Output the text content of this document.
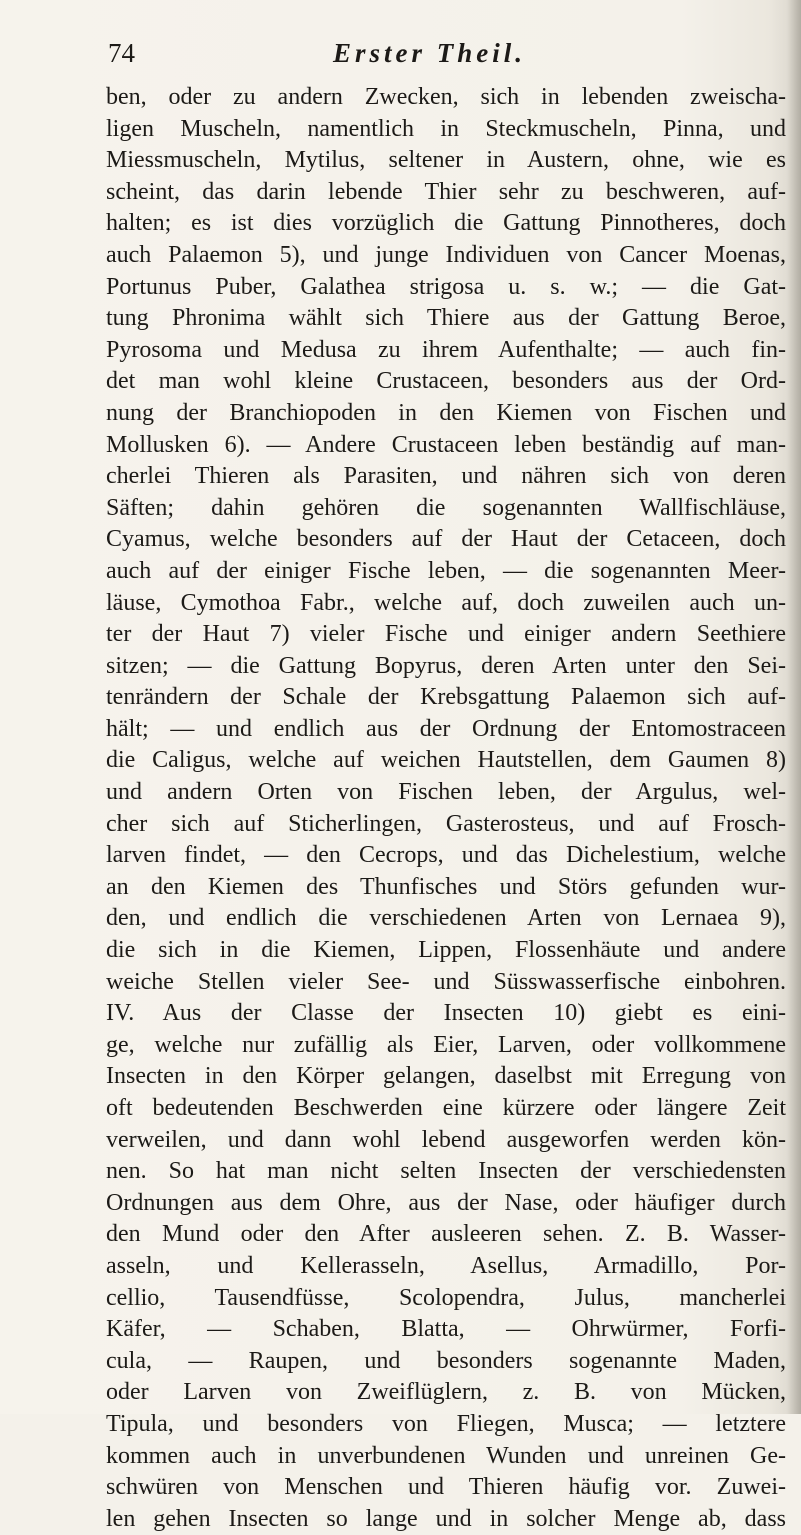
74	Erster Theil.
ben, oder zu andern Zwecken, sich in lebenden zweischa-
ligen Muscheln, namentlich in Steckmuscheln, Pinna, und
Miessmuscheln, Mytilus, seltener in Austern, ohne, wie es
scheint, das darin lebende Thier sehr zu beschweren, auf-
halten; es ist dies vorzüglich die Gattung Pinnotheres, doch
auch Palaemon 5), und junge Individuen von Cancer Moenas,
Portunus Puber, Galathea strigosa u. s. w.; — die Gat-
tung Phronima wählt sich Thiere aus der Gattung Beroe,
Pyrosoma und Medusa zu ihrem Aufenthalte; — auch fin-
det man wohl kleine Crustaceen, besonders aus der Ord-
nung der Branchiopoden in den Kiemen von Fischen und
Mollusken 6). — Andere Crustaceen leben beständig auf man-
cherlei Thieren als Parasiten, und nähren sich von deren
Säften; dahin gehören die sogenannten Wallfischläuse,
Cyamus, welche besonders auf der Haut der Cetaceen, doch
auch auf der einiger Fische leben, — die sogenannten Meer-
läuse, Cymothoa Fabr., welche auf, doch zuweilen auch un-
ter der Haut 7) vieler Fische und einiger andern Seethiere
sitzen; — die Gattung Bopyrus, deren Arten unter den Sei-
tenrändern der Schale der Krebsgattung Palaemon sich auf-
hält; — und endlich aus der Ordnung der Entomostraceen
die Caligus, welche auf weichen Hautstellen, dem Gaumen 8)
und andern Orten von Fischen leben, der Argulus, wel-
cher sich auf Sticherlingen, Gasterosteus, und auf Frosch-
larven findet, — den Cecrops, und das Dichelestium, welche
an den Kiemen des Thunfisches und Störs gefunden wur-
den, und endlich die verschiedenen Arten von Lernaea 9),
die sich in die Kiemen, Lippen, Flossenhäute und andere
weiche Stellen vieler See- und Süsswasserfische einbohren.
IV. Aus der Classe der Insecten 10) giebt es eini-
ge, welche nur zufällig als Eier, Larven, oder vollkommene
Insecten in den Körper gelangen, daselbst mit Erregung von
oft bedeutenden Beschwerden eine kürzere oder längere Zeit
verweilen, und dann wohl lebend ausgeworfen werden kön-
nen. So hat man nicht selten Insecten der verschiedensten
Ordnungen aus dem Ohre, aus der Nase, oder häufiger durch
den Mund oder den After ausleeren sehen. Z. B. Wasser-
asseln, und Kellerasseln, Asellus, Armadillo, Por-
cellio, Tausendfüsse, Scolopendra, Julus, mancherlei
Käfer, — Schaben, Blatta, — Ohrwürmer, Forfi-
cula, — Raupen, und besonders sogenannte Maden,
oder Larven von Zweiflüglern, z. B. von Mücken,
Tipula, und besonders von Fliegen, Musca; — letztere
kommen auch in unverbundenen Wunden und unreinen Ge-
schwüren von Menschen und Thieren häufig vor. Zuwei-
len gehen Insecten so lange und in solcher Menge ab, dass
